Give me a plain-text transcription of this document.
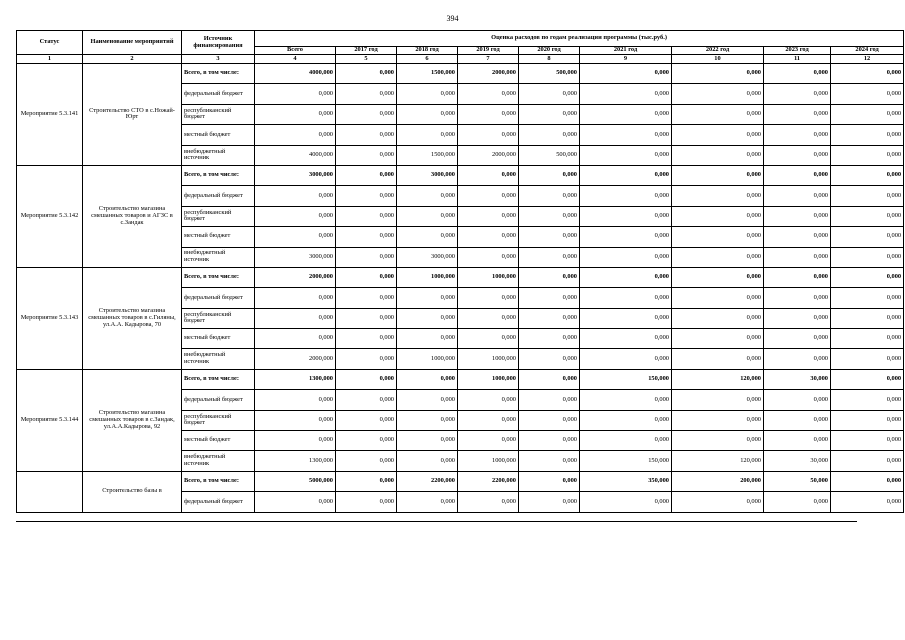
394
Статус	Наименование мероприятий	Источник финансирования	Оценка расходов по годам реализации программы (тыс.руб.)								
			Всего	2017 год	2018 год	2019 год	2020 год	2021 год	2022 год	2023 год	2024 год
1	2	3	4	5	6	7	8	9	10	11	12
Мероприятие 5.3.141	Строительство СТО в с.Ножай-Юрт	Всего, в том числе:	4000,000	0,000	1500,000	2000,000	500,000	0,000	0,000	0,000	0,000
		федеральный бюджет	0,000	0,000	0,000	0,000	0,000	0,000	0,000	0,000	0,000
		республиканский бюджет	0,000	0,000	0,000	0,000	0,000	0,000	0,000	0,000	0,000
		местный бюджет	0,000	0,000	0,000	0,000	0,000	0,000	0,000	0,000	0,000
		внебюджетный источник	4000,000	0,000	1500,000	2000,000	500,000	0,000	0,000	0,000	0,000
Мероприятие 5.3.142	Строительство магазина смешанных товаров и АГЗС в с.Зандак	Всего, в том числе:	3000,000	0,000	3000,000	0,000	0,000	0,000	0,000	0,000	0,000
		федеральный бюджет	0,000	0,000	0,000	0,000	0,000	0,000	0,000	0,000	0,000
		республиканский бюджет	0,000	0,000	0,000	0,000	0,000	0,000	0,000	0,000	0,000
		местный бюджет	0,000	0,000	0,000	0,000	0,000	0,000	0,000	0,000	0,000
		внебюджетный источник	3000,000	0,000	3000,000	0,000	0,000	0,000	0,000	0,000	0,000
Мероприятие 5.3.143	Строительство магазина смешанных товаров в с.Гиляны, ул.А.А. Кадырова, 70	Всего, в том числе:	2000,000	0,000	1000,000	1000,000	0,000	0,000	0,000	0,000	0,000
		федеральный бюджет	0,000	0,000	0,000	0,000	0,000	0,000	0,000	0,000	0,000
		республиканский бюджет	0,000	0,000	0,000	0,000	0,000	0,000	0,000	0,000	0,000
		местный бюджет	0,000	0,000	0,000	0,000	0,000	0,000	0,000	0,000	0,000
		внебюджетный источник	2000,000	0,000	1000,000	1000,000	0,000	0,000	0,000	0,000	0,000
Мероприятие 5.3.144	Строительство магазина смешанных товаров в с.Зандак, ул.А.А.Кадырова, 92	Всего, в том числе:	1300,000	0,000	0,000	1000,000	0,000	150,000	120,000	30,000	0,000
		федеральный бюджет	0,000	0,000	0,000	0,000	0,000	0,000	0,000	0,000	0,000
		республиканский бюджет	0,000	0,000	0,000	0,000	0,000	0,000	0,000	0,000	0,000
		местный бюджет	0,000	0,000	0,000	0,000	0,000	0,000	0,000	0,000	0,000
		внебюджетный источник	1300,000	0,000	0,000	1000,000	0,000	150,000	120,000	30,000	0,000
	Строительство базы в	Всего, в том числе:	5000,000	0,000	2200,000	2200,000	0,000	350,000	200,000	50,000	0,000
		федеральный бюджет	0,000	0,000	0,000	0,000	0,000	0,000	0,000	0,000	0,000
